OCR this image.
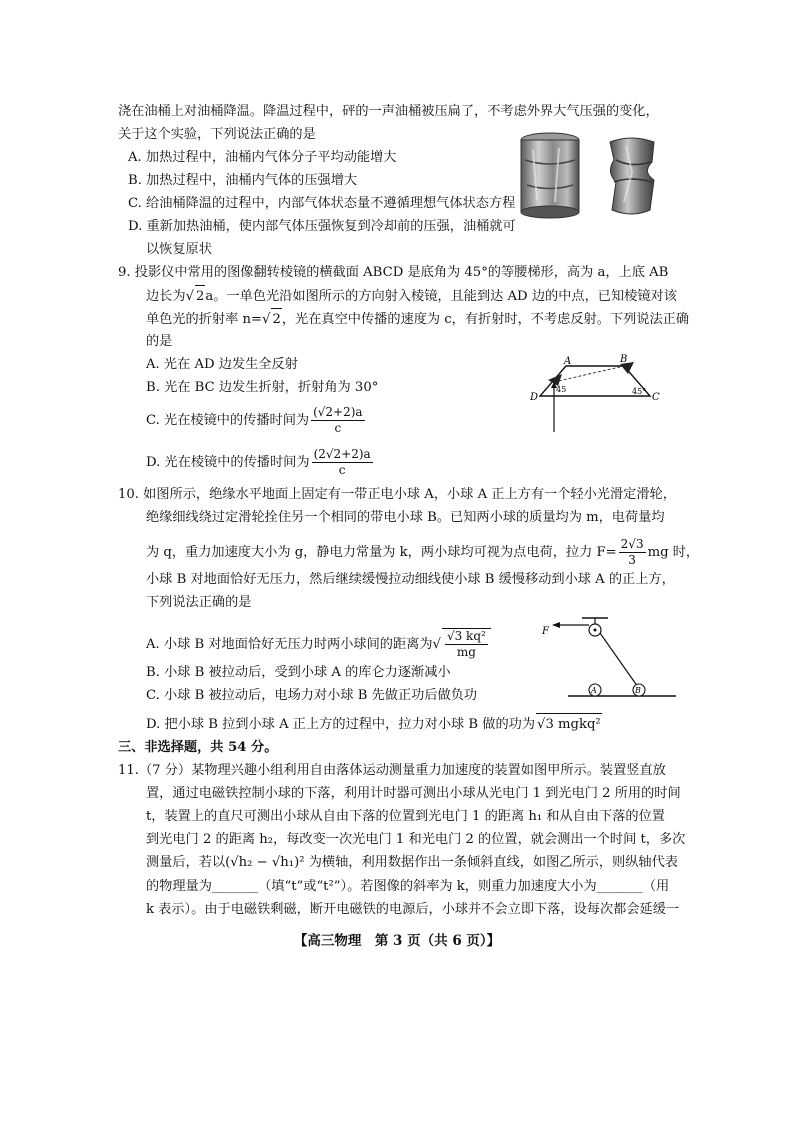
浇在油桶上对油桶降温。降温过程中，砰的一声油桶被压扁了，不考虑外界大气压强的变化，
关于这个实验，下列说法正确的是
A. 加热过程中，油桶内气体分子平均动能增大
B. 加热过程中，油桶内气体的压强增大
C. 给油桶降温的过程中，内部气体状态量不遵循理想气体状态方程
D. 重新加热油桶，使内部气体压强恢复到冷却前的压强，油桶就可
以恢复原状
9. 投影仪中常用的图像翻转棱镜的横截面 ABCD 是底角为 45°的等腰梯形，高为 a，上底 AB
边长为√ 2a。一单色光沿如图所示的方向射入棱镜，且能到达 AD 边的中点，已知棱镜对该
单色光的折射率 n=√ 2，光在真空中传播的速度为 c，有折射时，不考虑反射。下列说法正确
的是
A. 光在 AD 边发生全反射
B. 光在 BC 边发生折射，折射角为 30°
C. 光在棱镜中的传播时间为 $\frac{(√2+2)a}{c}$
D. 光在棱镜中的传播时间为 $\frac{(2√2+2)a}{c}$
A	B
C
D
45	45°
10. 如图所示，绝缘水平地面上固定有一带正电小球 A，小球 A 正上方有一个轻小光滑定滑轮，
绝缘细线绕过定滑轮拴住另一个相同的带电小球 B。已知两小球的质量均为 m，电荷量均
为 q，重力加速度大小为 g，静电力常量为 k，两小球均可视为点电荷，拉力 $F= \frac{2√3}{3}$ mg 时，
小球 B 对地面恰好无压力，然后继续缓慢拉动细线使小球 B 缓慢移动到小球 A 的正上方，
下列说法正确的是
A. 小球 B 对地面恰好无压力时两小球间的距离为√ $\frac{\text{√3 kq²}}{mg}$
B. 小球 B 被拉动后，受到小球 A 的库仑力逐渐减小
C. 小球 B 被拉动后，电场力对小球 B 先做正功后做负功
D. 把小球 B 拉到小球 A 正上方的过程中，拉力对小球 B 做的功为 √3 mgkq²
A	B
F
三、非选择题，共 54 分。
11.（7 分）某物理兴趣小组利用自由落体运动测量重力加速度的装置如图甲所示。装置竖直放
置，通过电磁铁控制小球的下落，利用计时器可测出小球从光电门 1 到光电门 2 所用的时间
t，装置上的直尺可测出小球从自由下落的位置到光电门 1 的距离 h₁ 和从自由下落的位置
到光电门 2 的距离 h₂，每改变一次光电门 1 和光电门 2 的位置，就会测出一个时间 t，多次
测量后，若以(√h₂ − √h₁)² 为横轴，利用数据作出一条倾斜直线，如图乙所示，则纵轴代表
的物理量为_______（填“t”或“t²”）。若图像的斜率为 k，则重力加速度大小为_______（用
k 表示）。由于电磁铁剩磁，断开电磁铁的电源后，小球并不会立即下落，设每次都会延缓一
【高三物理　第 3 页（共 6 页）】
